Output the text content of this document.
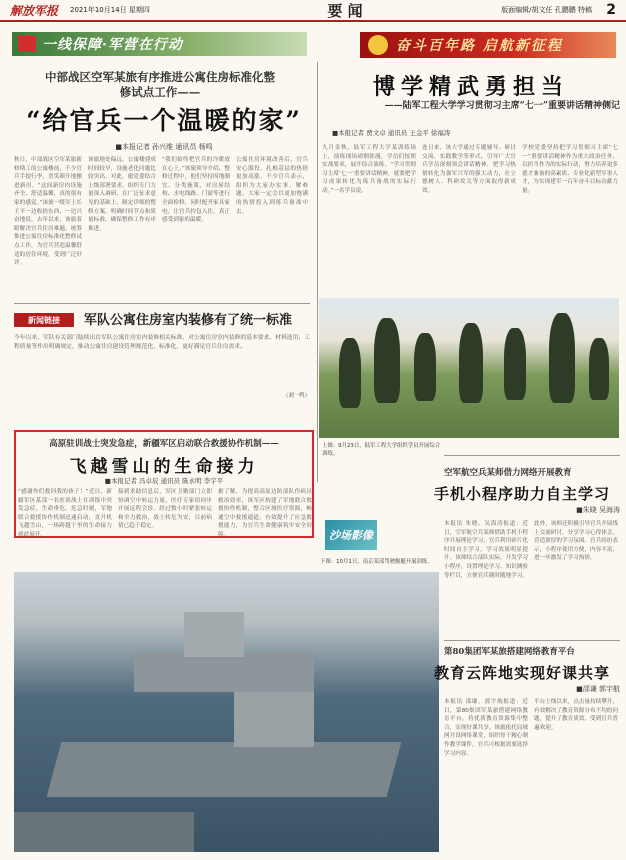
解放军报	2021年10月14日 星期四	要 闻	版面编辑/胡文任 孔鹏鹏 特稿	2
一线保障·军营在行动	奋斗百年路 启航新征程
中部战区空军某旅有序推进公寓住房标准化整修试点工作——
“给官兵一个温暖的家”
■本报记者 孙兴维 通讯员 杨鸣
秋日，中部战区空军某旅新修缮工的公寓楼前，不少官兵手提行李，喜笑颜开地搬进新房。“这间新房内设施齐全、舒适温馨，真的很有家的感觉。”该旅一级军士长王平一边收拾东西，一边兴奋地说。去年以来，该旅着眼解决官兵住房难题，统筹推进公寓住房标准化整修试点工作，为官兵营造温馨舒适的居住环境，受到广泛好评。
该旅地处偏远，公寓楼建成时间较早，设施老化问题比较突出。对此，旅党委结合上级部署要求，组织专门力量深入调研，在广泛征求意见的基础上，制定详细的整修方案，明确时间节点和质量标准，确保整修工作有序推进。
“我们始终把官兵的冷暖放在心上。”该旅领导介绍，整修过程中，他们坚持因地制宜、分类施策，对房屋结构、水电线路、门窗等进行全面检修，同时配齐家具家电，让官兵拎包入住，真正感受到家的温暖。
公寓住房环境改善后，官兵安心服役、扎根基层的热情更加高涨。不少官兵表示，组织为大家办实事、解难题，大家一定会以更加饱满的热情投入到练兵备战中去。
新闻链接	军队公寓住房室内装修有了统一标准
今年以来，军队有关部门陆续出台军队公寓住房室内装修相关标准，对公寓住房室内装修的基本要求、材料选用、工程质量等作出明确规定，推动公寓住房建设管理规范化、标准化，更好满足官兵住房需求。
（刘一鸣）
高原驻训战士突发急症，新疆军区启动联合救援协作机制——
飞越雪山的生命接力
■本报记者 冯卓辰 通讯员 陈永明 李宇平
“感谢你们救回我的孩子！”近日，新疆军区某部一名驻训战士在训练中突发急症，生命垂危。危急时刻，军地联合救援协作机制迅速启动，直升机飞越雪山，一场跨越千里的生命接力就此展开。
接到求助信息后，军区卫勤部门立即协调空中转运力量，医疗专家组同步开展远程会诊。经过数小时紧张转运和全力救治，战士转危为安，目前病情已趋于稳定。
据了解，为提高高原边防部队伤病员救治效率，该军区构建了军地联合救援协作机制，整合区域医疗资源，畅通空中救援通道，有效提升了应急救援能力，为官兵生命健康筑牢安全屏障。
博学精武勇担当
——陆军工程大学学习贯彻习主席“七一”重要讲话精神侧记
■本报记者 贾文卓 通讯员 王金平 徐福涛
九月金秋，陆军工程大学某训练场上，演练现场硝烟弥漫，学员们按照实战要求，展开综合演练。“学习贯彻习主席‘七一’重要讲话精神，就要把学习成果转化为练兵备战的实际行动。”一名学员说。
连日来，该大学通过专题辅导、研讨交流、实践教学等形式，引导广大官兵学员深刻领会讲话精神，把学习热情转化为强军兴军的强大动力，在立德树人、科研攻关等方面取得新成效。
学校党委坚持把学习贯彻习主席“七一”重要讲话精神作为重大政治任务，以担当作为的实际行动，努力培养更多德才兼备的高素质、专业化新型军事人才，为实现建军一百年奋斗目标贡献力量。
上图：9月23日，陆军工程大学组织学员开展综合训练。
沙场影像
下图：10月1日，南京某部驾驶舰艇开展训练。
空军航空兵某师借力网络开展教育
手机小程序助力自主学习
■朱晓 吴海涛
本报讯 朱晓、吴海涛报道：近日，空军航空兵某师借助手机小程序开展理论学习，官兵利用碎片化时间自主学习，学习效果明显提升。该师结合部队实际，开发学习小程序，设置理论学习、知识测验等栏目，方便官兵随时随地学习。
此外，该师还积极引导官兵开展线上交流研讨，分享学习心得体会，营造浓厚的学习氛围。官兵纷纷表示，小程序使用方便，内容丰富，进一步激发了学习热情。
第80集团军某旅搭建网络教育平台
教育云阵地实现好课共享
■邵谦 郭宇航
本报讯 邵谦、郭宇航报道：近日，第80集团军某旅搭建网络教育平台，将优质教育资源集中整合，实现好课共享。该旅依托局域网开设网络课堂，组织骨干精心制作教学课件，官兵可根据需要选择学习内容。
平台上线以来，点击量持续攀升，有效解决了教育资源分布不均的问题，提升了教育质效，受到官兵普遍欢迎。
